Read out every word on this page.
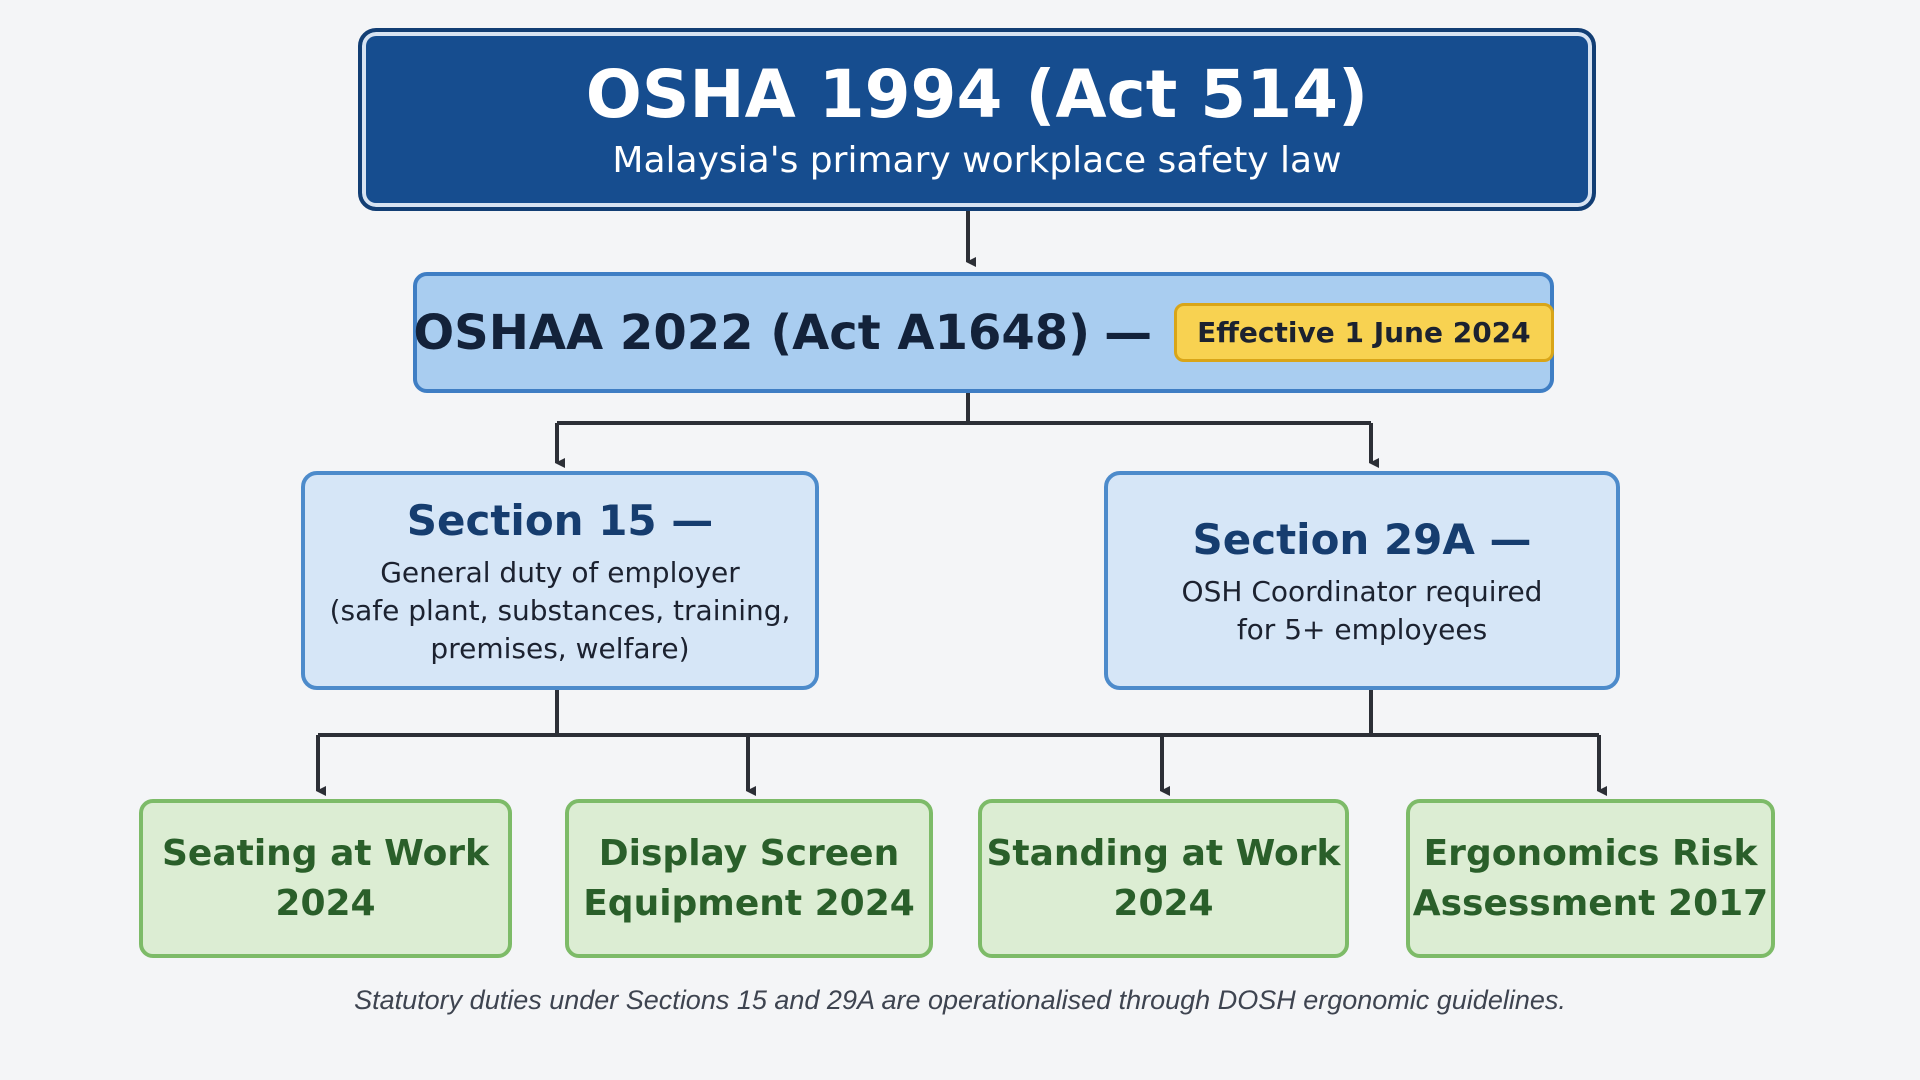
OSHA 1994 (Act 514)
Malaysia's primary workplace safety law
OSHAA 2022 (Act A1648) —	Effective 1 June 2024
Section 15 —
General duty of employer
(safe plant, substances, training,
premises, welfare)
Section 29A —
OSH Coordinator required
for 5+ employees
Seating at Work
2024
Display Screen
Equipment 2024
Standing at Work
2024
Ergonomics Risk
Assessment 2017
Statutory duties under Sections 15 and 29A are operationalised through DOSH ergonomic guidelines.
